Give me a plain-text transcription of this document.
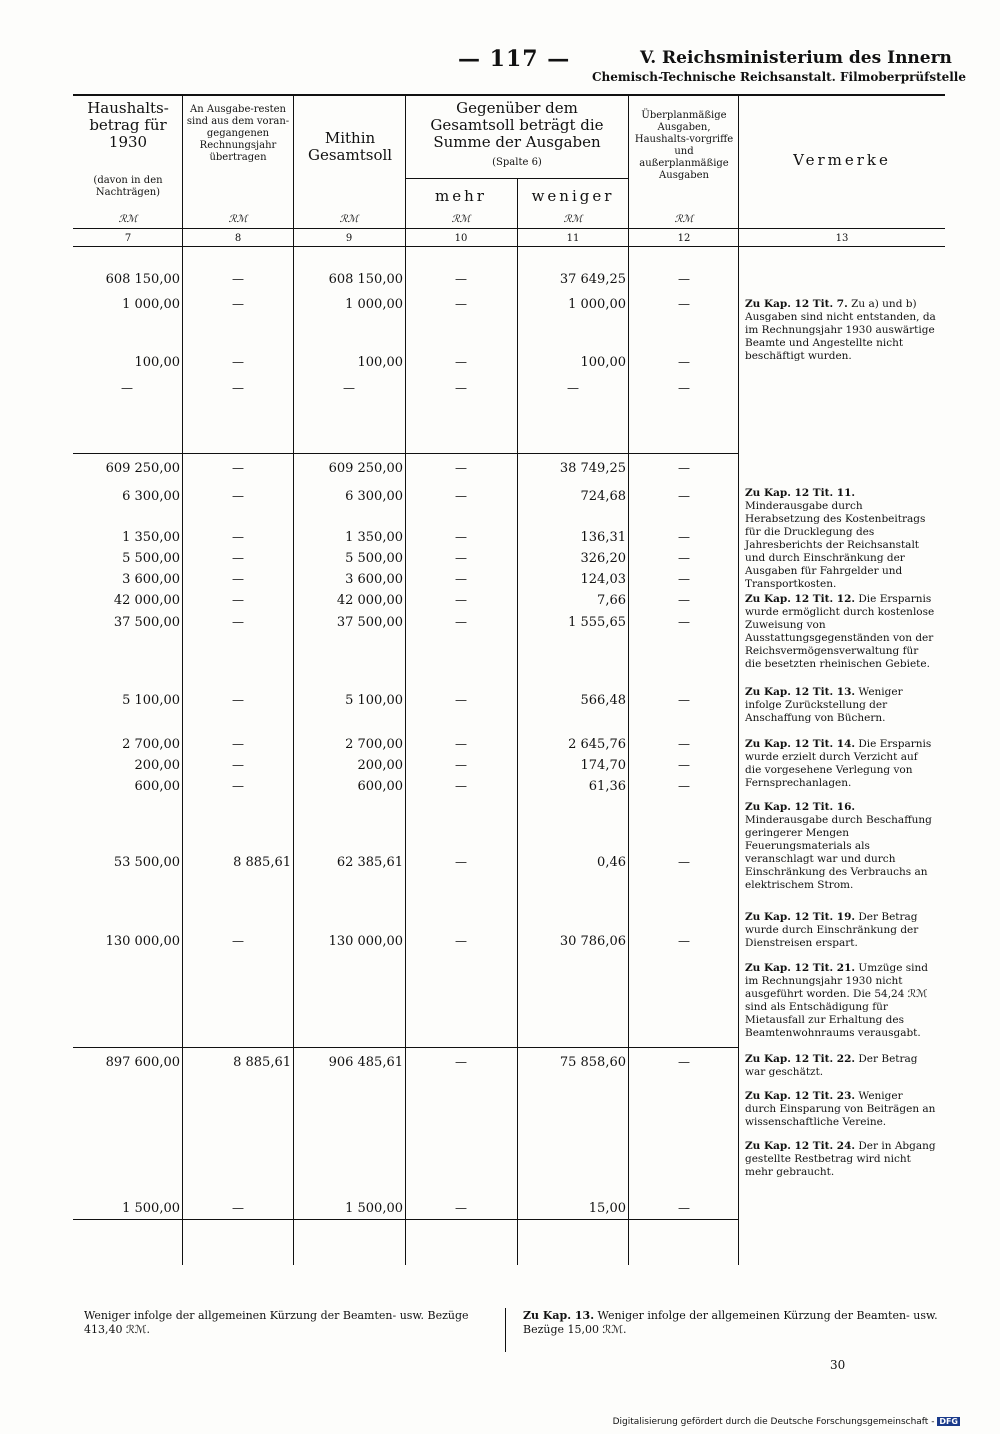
— 117 —	V. Reichsministerium des Innern
Chemisch-Technische Reichsanstalt. Filmoberprüfstelle
Haushalts-betrag für 1930
(davon in den Nachträgen)
An Ausgabe-resten sind aus dem voran-gegangenen Rechnungsjahr übertragen
Mithin Gesamtsoll
Gegenüber dem Gesamtsoll beträgt die Summe der Ausgaben
(Spalte 6)
mehr	weniger
Überplanmäßige Ausgaben, Haushalts-vorgriffe und außerplanmäßige Ausgaben
Vermerke
ℛℳ	ℛℳ	ℛℳ	ℛℳ	ℛℳ	ℛℳ
7	8	9	10	11	12	13
608 150,00	—	608 150,00	—	37 649,25	—
1 000,00	—	1 000,00	—	1 000,00	—
100,00	—	100,00	—	100,00	—
—	—	—	—	—	—
609 250,00	—	609 250,00	—	38 749,25	—
6 300,00	—	6 300,00	—	724,68	—
1 350,00	—	1 350,00	—	136,31	—
5 500,00	—	5 500,00	—	326,20	—
3 600,00	—	3 600,00	—	124,03	—
42 000,00	—	42 000,00	—	7,66	—
37 500,00	—	37 500,00	—	1 555,65	—
5 100,00	—	5 100,00	—	566,48	—
2 700,00	—	2 700,00	—	2 645,76	—
200,00	—	200,00	—	174,70	—
600,00	—	600,00	—	61,36	—
53 500,00	8 885,61	62 385,61	—	0,46	—
130 000,00	—	130 000,00	—	30 786,06	—
897 600,00	8 885,61	906 485,61	—	75 858,60	—
1 500,00	—	1 500,00	—	15,00	—
Zu Kap. 12 Tit. 7. Zu a) und b) Ausgaben sind nicht entstanden, da im Rechnungsjahr 1930 auswärtige Beamte und Angestellte nicht beschäftigt wurden.
Zu Kap. 12 Tit. 11. Minderausgabe durch Herabsetzung des Kostenbeitrags für die Drucklegung des Jahresberichts der Reichsanstalt und durch Einschränkung der Ausgaben für Fahrgelder und Transportkosten.
Zu Kap. 12 Tit. 12. Die Ersparnis wurde ermöglicht durch kostenlose Zuweisung von Ausstattungsgegenständen von der Reichsvermögensverwaltung für die besetzten rheinischen Gebiete.
Zu Kap. 12 Tit. 13. Weniger infolge Zurückstellung der Anschaffung von Büchern.
Zu Kap. 12 Tit. 14. Die Ersparnis wurde erzielt durch Verzicht auf die vorgesehene Verlegung von Fernsprechanlagen.
Zu Kap. 12 Tit. 16. Minderausgabe durch Beschaffung geringerer Mengen Feuerungsmaterials als veranschlagt war und durch Einschränkung des Verbrauchs an elektrischem Strom.
Zu Kap. 12 Tit. 19. Der Betrag wurde durch Einschränkung der Dienstreisen erspart.
Zu Kap. 12 Tit. 21. Umzüge sind im Rechnungsjahr 1930 nicht ausgeführt worden. Die 54,24 ℛℳ sind als Entschädigung für Mietausfall zur Erhaltung des Beamtenwohnraums verausgabt.
Zu Kap. 12 Tit. 22. Der Betrag war geschätzt.
Zu Kap. 12 Tit. 23. Weniger durch Einsparung von Beiträgen an wissenschaftliche Vereine.
Zu Kap. 12 Tit. 24. Der in Abgang gestellte Restbetrag wird nicht mehr gebraucht.
Weniger infolge der allgemeinen Kürzung der Beamten- usw. Bezüge 413,40 ℛℳ.
Zu Kap. 13. Weniger infolge der allgemeinen Kürzung der Beamten- usw. Bezüge 15,00 ℛℳ.
30
Digitalisierung gefördert durch die Deutsche Forschungsgemeinschaft - DFG
